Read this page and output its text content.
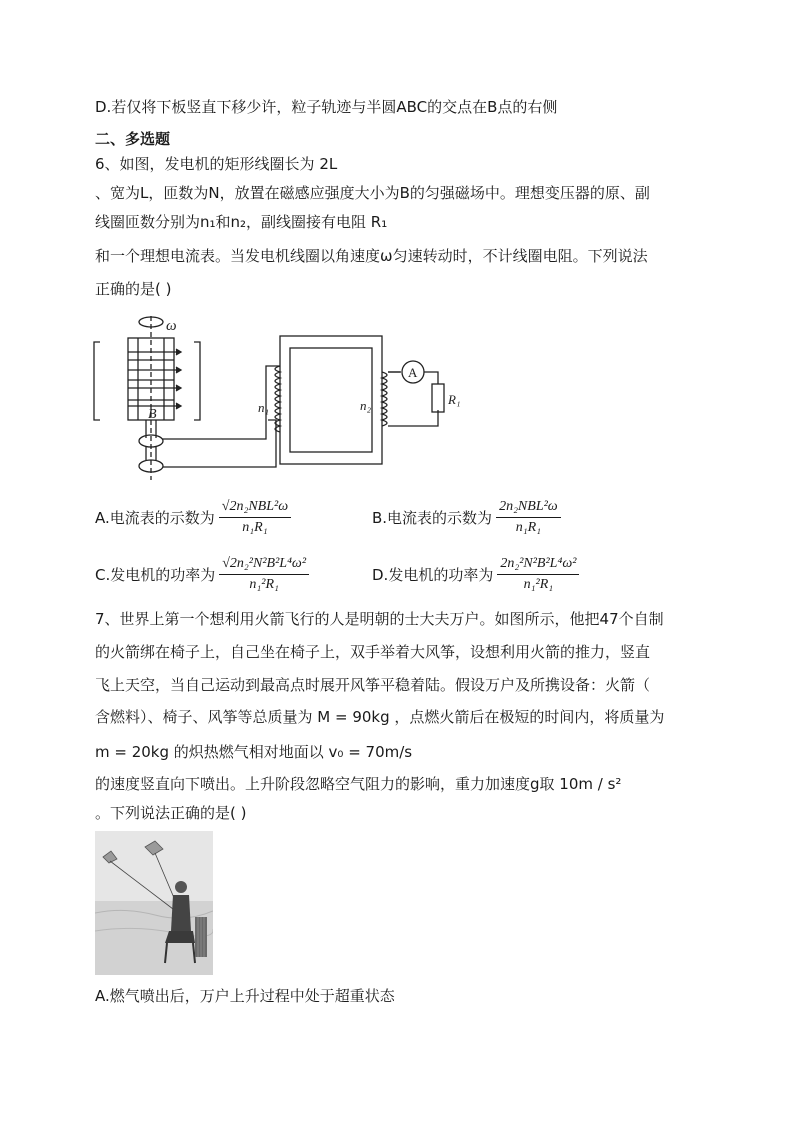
D.若仅将下板竖直下移少许，粒子轨迹与半圆ABC的交点在B点的右侧
二、多选题
6、如图，发电机的矩形线圈长为 2L
、宽为L，匝数为N，放置在磁感应强度大小为B的匀强磁场中。理想变压器的原、副
线圈匝数分别为n₁和n₂，副线圈接有电阻 R₁
和一个理想电流表。当发电机线圈以角速度ω匀速转动时，不计线圈电阻。下列说法
正确的是( )
ω
B	n₁	n₂
A
R₁
A.电流表的示数为 $\frac{\text{√2n₂NBL²ω}}{\text{n₁R₁}}$	B.电流表的示数为 $\frac{\text{2n₂NBL²ω}}{\text{n₁R₁}}$
C.发电机的功率为 $\frac{\text{√2n₂²N²B²L⁴ω²}}{\text{n₁²R₁}}$	D.发电机的功率为 $\frac{\text{2n₂²N²B²L⁴ω²}}{\text{n₁²R₁}}$
7、世界上第一个想利用火箭飞行的人是明朝的士大夫万户。如图所示，他把47个自制
的火箭绑在椅子上，自己坐在椅子上，双手举着大风筝，设想利用火箭的推力，竖直
飞上天空，当自己运动到最高点时展开风筝平稳着陆。假设万户及所携设备：火箭（
含燃料）、椅子、风筝等总质量为 M = 90kg ，点燃火箭后在极短的时间内，将质量为
m = 20kg 的炽热燃气相对地面以 v₀ = 70m/s
的速度竖直向下喷出。上升阶段忽略空气阻力的影响，重力加速度g取 10m / s²
。下列说法正确的是( )
A.燃气喷出后，万户上升过程中处于超重状态
